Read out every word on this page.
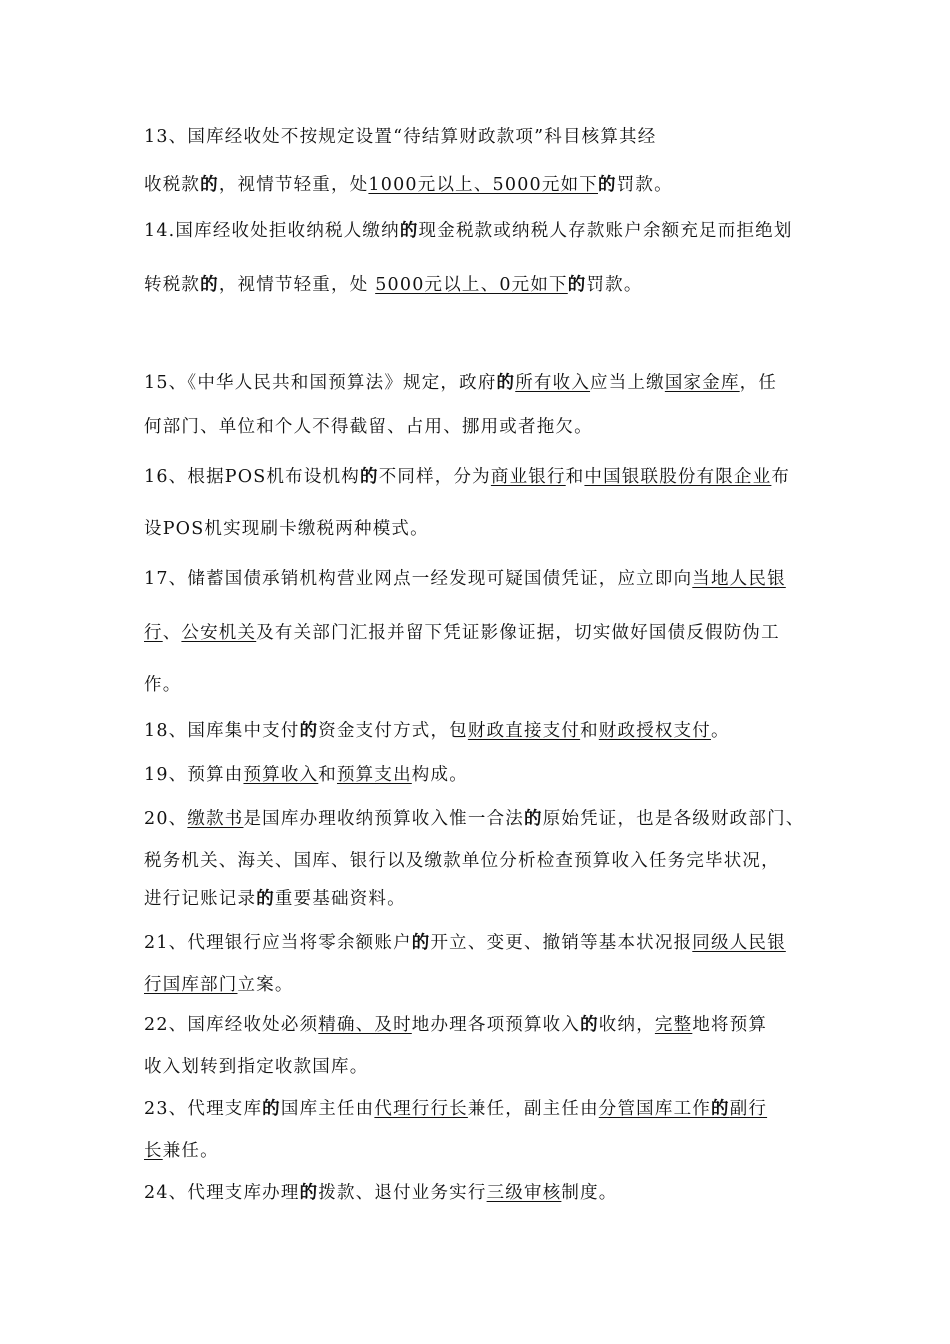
13、国库经收处不按规定设置“待结算财政款项”科目核算其经
收税款的，视情节轻重，处1000元以上、5000元如下的罚款。
14.国库经收处拒收纳税人缴纳的现金税款或纳税人存款账户余额充足而拒绝划
转税款的，视情节轻重，处 5000元以上、0元如下的罚款。
15、《中华人民共和国预算法》规定，政府的所有收入应当上缴国家金库，任
何部门、单位和个人不得截留、占用、挪用或者拖欠。
16、根据POS机布设机构的不同样，分为商业银行和中国银联股份有限企业布
设POS机实现刷卡缴税两种模式。
17、储蓄国债承销机构营业网点一经发现可疑国债凭证，应立即向当地人民银
行、公安机关及有关部门汇报并留下凭证影像证据，切实做好国债反假防伪工
作。
18、国库集中支付的资金支付方式，包财政直接支付和财政授权支付。
19、预算由预算收入和预算支出构成。
20、缴款书是国库办理收纳预算收入惟一合法的原始凭证，也是各级财政部门、
税务机关、海关、国库、银行以及缴款单位分析检查预算收入任务完毕状况，
进行记账记录的重要基础资料。
21、代理银行应当将零余额账户的开立、变更、撤销等基本状况报同级人民银
行国库部门立案。
22、国库经收处必须精确、及时地办理各项预算收入的收纳，完整地将预算
收入划转到指定收款国库。
23、代理支库的国库主任由代理行行长兼任，副主任由分管国库工作的副行
长兼任。
24、代理支库办理的拨款、退付业务实行三级审核制度。
